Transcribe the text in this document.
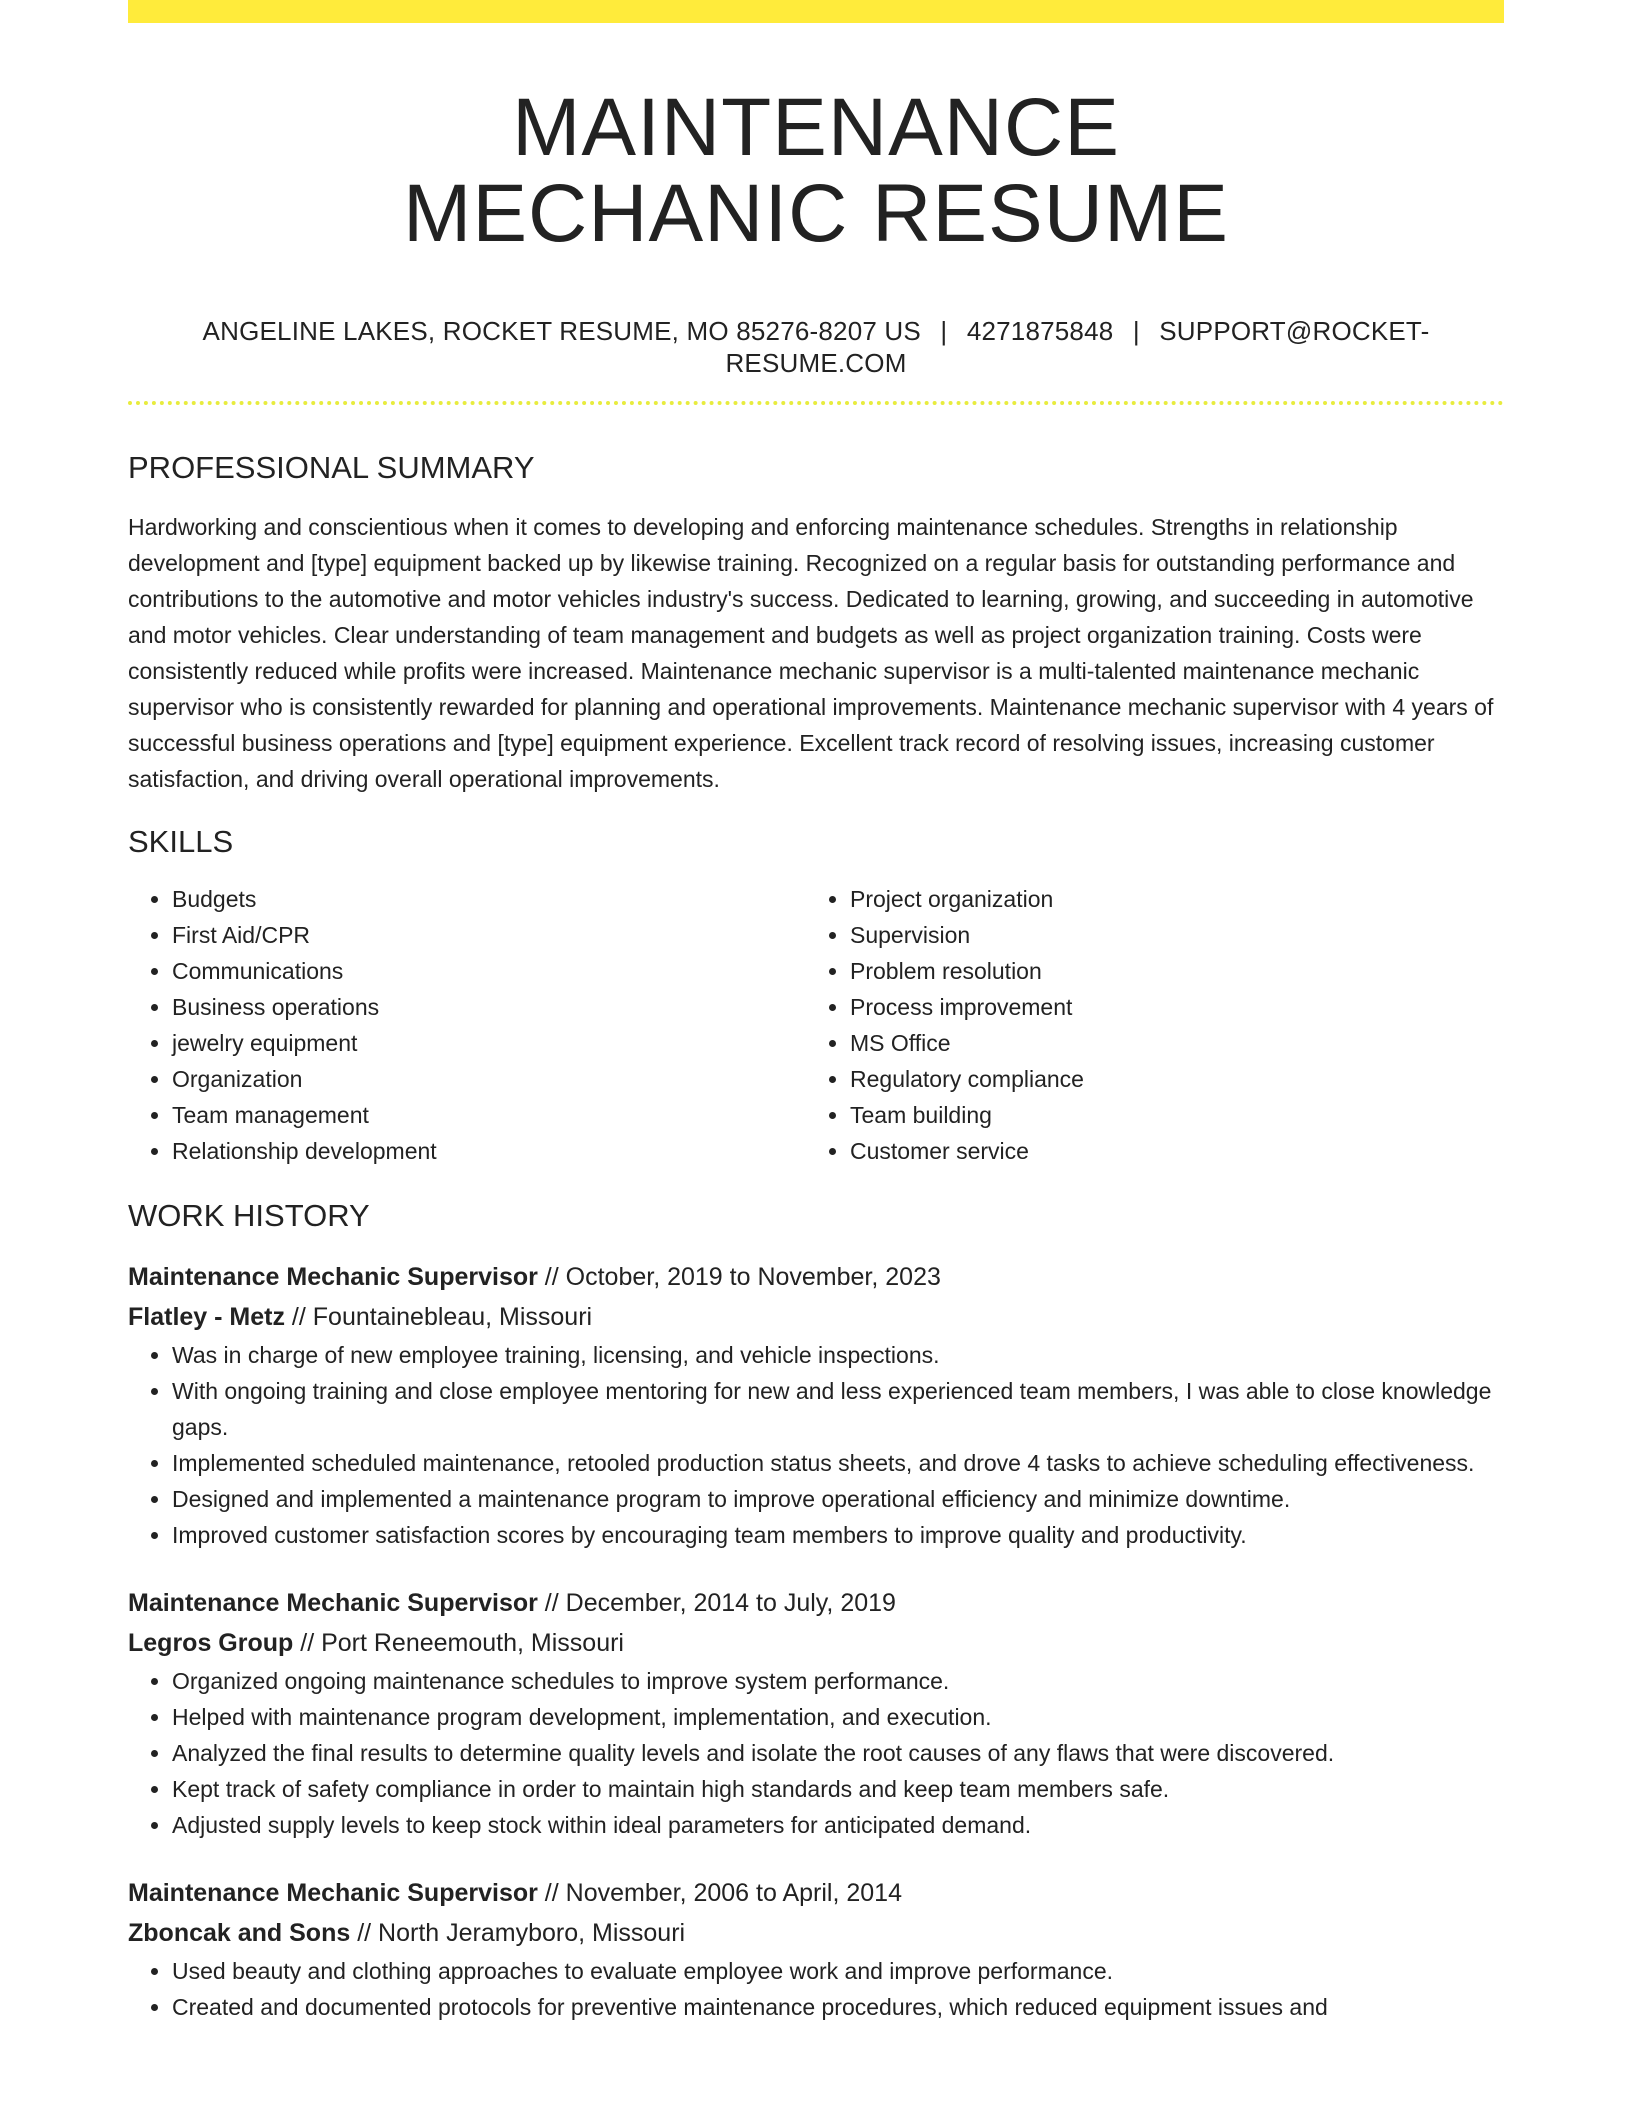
MAINTENANCE
MECHANIC RESUME
ANGELINE LAKES, ROCKET RESUME, MO 85276-8207 US | 4271875848 | SUPPORT@ROCKET-RESUME.COM
PROFESSIONAL SUMMARY
Hardworking and conscientious when it comes to developing and enforcing maintenance schedules. Strengths in relationship development and [type] equipment backed up by likewise training. Recognized on a regular basis for outstanding performance and contributions to the automotive and motor vehicles industry's success. Dedicated to learning, growing, and succeeding in automotive and motor vehicles. Clear understanding of team management and budgets as well as project organization training. Costs were consistently reduced while profits were increased. Maintenance mechanic supervisor is a multi-talented maintenance mechanic supervisor who is consistently rewarded for planning and operational improvements. Maintenance mechanic supervisor with 4 years of successful business operations and [type] equipment experience. Excellent track record of resolving issues, increasing customer satisfaction, and driving overall operational improvements.
SKILLS
• Budgets
• First Aid/CPR
• Communications
• Business operations
• jewelry equipment
• Organization
• Team management
• Relationship development
• Project organization
• Supervision
• Problem resolution
• Process improvement
• MS Office
• Regulatory compliance
• Team building
• Customer service
WORK HISTORY
Maintenance Mechanic Supervisor // October, 2019 to November, 2023
Flatley - Metz // Fountainebleau, Missouri
• Was in charge of new employee training, licensing, and vehicle inspections.
• With ongoing training and close employee mentoring for new and less experienced team members, I was able to close knowledge gaps.
• Implemented scheduled maintenance, retooled production status sheets, and drove 4 tasks to achieve scheduling effectiveness.
• Designed and implemented a maintenance program to improve operational efficiency and minimize downtime.
• Improved customer satisfaction scores by encouraging team members to improve quality and productivity.
Maintenance Mechanic Supervisor // December, 2014 to July, 2019
Legros Group // Port Reneemouth, Missouri
• Organized ongoing maintenance schedules to improve system performance.
• Helped with maintenance program development, implementation, and execution.
• Analyzed the final results to determine quality levels and isolate the root causes of any flaws that were discovered.
• Kept track of safety compliance in order to maintain high standards and keep team members safe.
• Adjusted supply levels to keep stock within ideal parameters for anticipated demand.
Maintenance Mechanic Supervisor // November, 2006 to April, 2014
Zboncak and Sons // North Jeramyboro, Missouri
• Used beauty and clothing approaches to evaluate employee work and improve performance.
• Created and documented protocols for preventive maintenance procedures, which reduced equipment issues and
